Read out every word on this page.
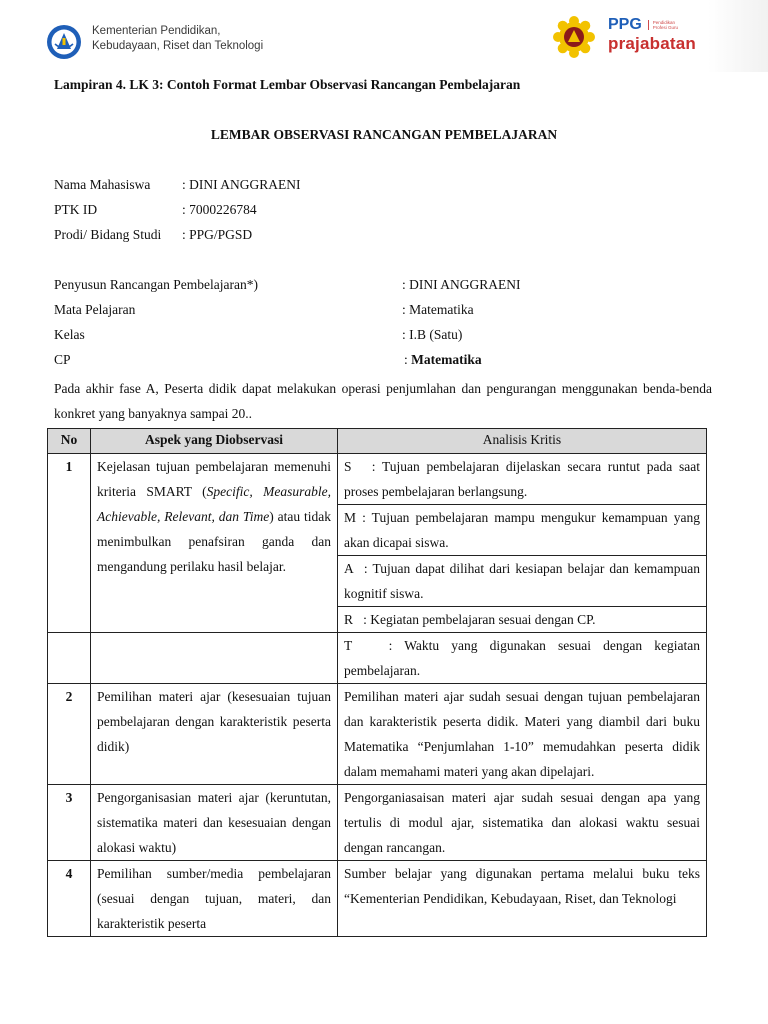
Kementerian Pendidikan,
Kebudayaan, Riset dan Teknologi
PPG	Pendidikan Profesi Guru
prajabatan
Lampiran 4. LK 3: Contoh Format Lembar Observasi Rancangan Pembelajaran
LEMBAR OBSERVASI RANCANGAN PEMBELAJARAN
Nama Mahasiswa : DINI ANGGRAENI
PTK ID	: 7000226784
Prodi/ Bidang Studi : PPG/PGSD
Penyusun Rancangan Pembelajaran*)	: DINI ANGGRAENI
Mata Pelajaran	: Matematika
Kelas	: I.B (Satu)
CP	: Matematika
Pada akhir fase A, Peserta didik dapat melakukan operasi penjumlahan dan pengurangan menggunakan benda-benda konkret yang banyaknya sampai 20..
No	Aspek yang Diobservasi	Analisis Kritis
1	Kejelasan tujuan pembelajaran memenuhi kriteria SMART (Specific, Measurable, Achievable, Relevant, dan Time) atau tidak menimbulkan penafsiran ganda dan mengandung perilaku hasil belajar.	S   : Tujuan pembelajaran dijelaskan secara runtut pada saat proses pembelajaran berlangsung.
		M : Tujuan pembelajaran mampu mengukur kemampuan yang akan dicapai siswa.
		A  : Tujuan dapat dilihat dari kesiapan belajar dan kemampuan kognitif siswa.
		R   : Kegiatan pembelajaran sesuai dengan CP.
		T   : Waktu yang digunakan sesuai dengan kegiatan pembelajaran.
2	Pemilihan materi ajar (kesesuaian tujuan pembelajaran dengan karakteristik peserta didik)	Pemilihan materi ajar sudah sesuai dengan tujuan pembelajaran dan karakteristik peserta didik. Materi yang diambil dari buku Matematika “Penjumlahan 1-10” memudahkan peserta didik dalam memahami materi yang akan dipelajari.
3	Pengorganisasian materi ajar (keruntutan, sistematika materi dan kesesuaian dengan alokasi waktu)	Pengorganiasaisan materi ajar sudah sesuai dengan apa yang tertulis di modul ajar, sistematika dan alokasi waktu sesuai dengan rancangan.
4	Pemilihan sumber/media pembelajaran (sesuai dengan tujuan, materi, dan karakteristik peserta	Sumber belajar yang digunakan pertama melalui buku teks “Kementerian Pendidikan, Kebudayaan, Riset, dan Teknologi
